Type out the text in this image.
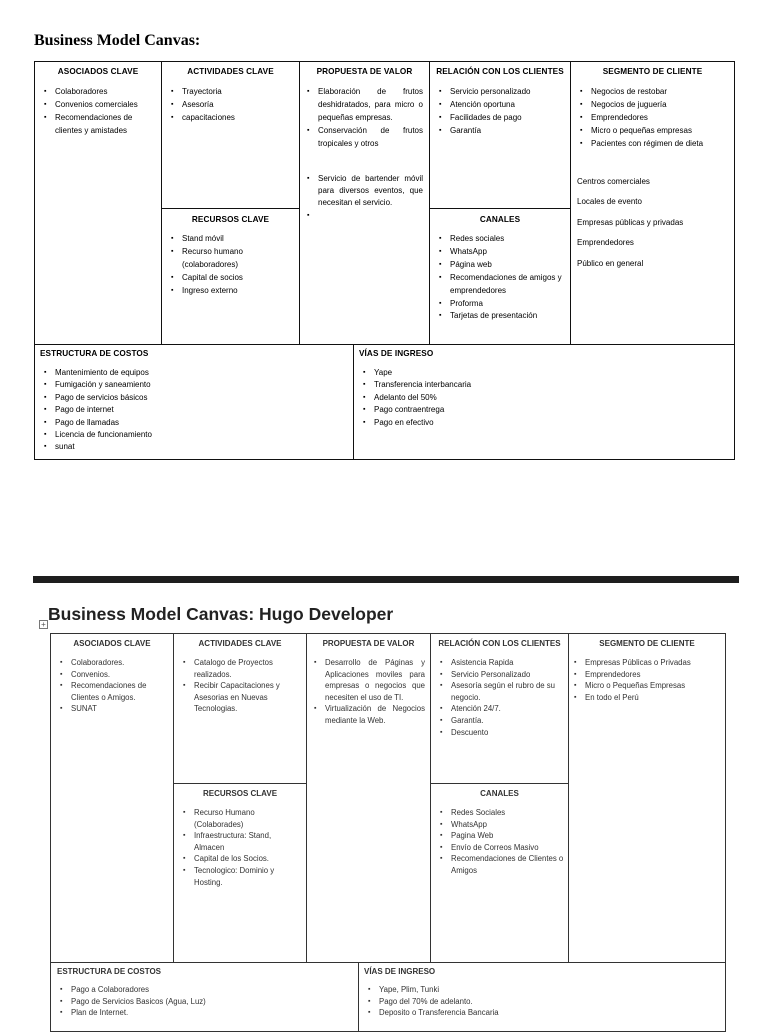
Business Model Canvas:
ASOCIADOS CLAVE
▪ Colaboradores
▪ Convenios comerciales
▪ Recomendaciones de clientes y amistades
ACTIVIDADES CLAVE
▪ Trayectoria
▪ Asesoría
▪ capacitaciones
RECURSOS CLAVE
▪ Stand móvil
▪ Recurso humano (colaboradores)
▪ Capital de socios
▪ Ingreso externo
PROPUESTA DE VALOR
▪ Elaboración de frutos deshidratados, para micro o pequeñas empresas.
▪ Conservación de frutos tropicales y otros
▪ Servicio de bartender móvil para diversos eventos, que necesitan el servicio.
▪
RELACIÓN CON LOS CLIENTES
▪ Servicio personalizado
▪ Atención oportuna
▪ Facilidades de pago
▪ Garantía
CANALES
▪ Redes sociales
▪ WhatsApp
▪ Página web
▪ Recomendaciones de amigos y emprendedores
▪ Proforma
▪ Tarjetas de presentación
SEGMENTO DE CLIENTE
▪ Negocios de restobar
▪ Negocios de juguería
▪ Emprendedores
▪ Micro o pequeñas empresas
▪ Pacientes con régimen de dieta
Centros comerciales
Locales de evento
Empresas públicas y privadas
Emprendedores
Público en general
ESTRUCTURA DE COSTOS
▪ Mantenimiento de equipos
▪ Fumigación y saneamiento
▪ Pago de servicios básicos
▪ Pago de internet
▪ Pago de llamadas
▪ Licencia de funcionamiento
▪ sunat
VÍAS DE INGRESO
▪ Yape
▪ Transferencia interbancaria
▪ Adelanto del 50%
▪ Pago contraentrega
▪ Pago en efectivo
Business Model Canvas: Hugo Developer
+
ASOCIADOS CLAVE
▪ Colaboradores.
▪ Convenios.
▪ Recomendaciones de Clientes o Amigos.
▪ SUNAT
ACTIVIDADES CLAVE
▪ Catalogo de Proyectos realizados.
▪ Recibir Capacitaciones y Asesorias en Nuevas Tecnologias.
RECURSOS CLAVE
▪ Recurso Humano (Colaborades)
▪ Infraestructura: Stand, Almacen
▪ Capital de los Socios.
▪ Tecnologico: Dominio y Hosting.
PROPUESTA DE VALOR
▪ Desarrollo de Páginas y Aplicaciones moviles para empresas o negocios que necesiten el uso de TI.
▪ Virtualización de Negocios mediante la Web.
RELACIÓN CON LOS CLIENTES
▪ Asistencia Rapida
▪ Servicio Personalizado
▪ Asesoría según el rubro de su negocio.
▪ Atención 24/7.
▪ Garantía.
▪ Descuento
CANALES
▪ Redes Sociales
▪ WhatsApp
▪ Pagina Web
▪ Envío de Correos Masivo
▪ Recomendaciones de Clientes o Amigos
SEGMENTO DE CLIENTE
▪ Empresas Públicas o Privadas
▪ Emprendedores
▪ Micro o Pequeñas Empresas
▪ En todo el Perú
ESTRUCTURA DE COSTOS
▪ Pago a Colaboradores
▪ Pago de Servicios Basicos (Agua, Luz)
▪ Plan de Internet.
VÍAS DE INGRESO
▪ Yape, Plim, Tunki
▪ Pago del 70% de adelanto.
▪ Deposito o Transferencia Bancaria
